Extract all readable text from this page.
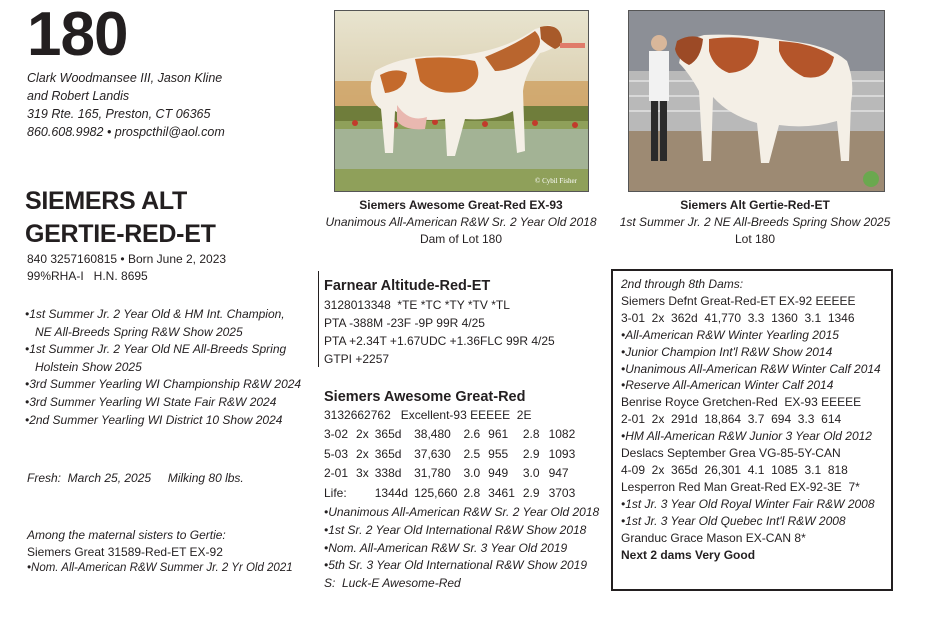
180
Clark Woodmansee III, Jason Kline
and Robert Landis
319 Rte. 165, Preston, CT 06365
860.608.9982 • prospcthil@aol.com
SIEMERS ALT
GERTIE-RED-ET
840 3257160815 • Born June 2, 2023
99%RHA-I   H.N. 8695
•1st Summer Jr. 2 Year Old & HM Int. Champion,
NE All-Breeds Spring R&W Show 2025
•1st Summer Jr. 2 Year Old NE All-Breeds Spring
Holstein Show 2025
•3rd Summer Yearling WI Championship R&W 2024
•3rd Summer Yearling WI State Fair R&W 2024
•2nd Summer Yearling WI District 10 Show 2024
Fresh:  March 25, 2025     Milking 80 lbs.
Among the maternal sisters to Gertie:
Siemers Great 31589-Red-ET EX-92
•Nom. All-American R&W Summer Jr. 2 Yr Old 2021
© Cybil Fisher
Siemers Awesome Great-Red EX-93
Unanimous All-American R&W Sr. 2 Year Old 2018
Dam of Lot 180
Siemers Alt Gertie-Red-ET
1st Summer Jr. 2 NE All-Breeds Spring Show 2025
Lot 180
Farnear Altitude-Red-ET
3128013348  *TE *TC *TY *TV *TL
PTA -388M -23F -9P 99R 4/25
PTA +2.34T +1.67UDC +1.36FLC 99R 4/25
GTPI +2257
Siemers Awesome Great-Red
3132662762   Excellent-93 EEEEE  2E
3-02	2x	365d	38,480	2.6	961	2.8	1082
5-03	2x	365d	37,630	2.5	955	2.9	1093
2-01	3x	338d	31,780	3.0	949	3.0	947
Life:		1344d	125,660	2.8	3461	2.9	3703
•Unanimous All-American R&W Sr. 2 Year Old 2018
•1st Sr. 2 Year Old International R&W Show 2018
•Nom. All-American R&W Sr. 3 Year Old 2019
•5th Sr. 3 Year Old International R&W Show 2019
S:  Luck-E Awesome-Red
2nd through 8th Dams:
Siemers Defnt Great-Red-ET EX-92 EEEEE
3-01  2x  362d  41,770  3.3  1360  3.1  1346
•All-American R&W Winter Yearling 2015
•Junior Champion Int'l R&W Show 2014
•Unanimous All-American R&W Winter Calf 2014
•Reserve All-American Winter Calf 2014
Benrise Royce Gretchen-Red  EX-93 EEEEE
2-01  2x  291d  18,864  3.7  694  3.3  614
•HM All-American R&W Junior 3 Year Old 2012
Deslacs September Grea VG-85-5Y-CAN
4-09  2x  365d  26,301  4.1  1085  3.1  818
Lesperron Red Man Great-Red EX-92-3E  7*
•1st Jr. 3 Year Old Royal Winter Fair R&W 2008
•1st Jr. 3 Year Old Quebec Int'l R&W 2008
Granduc Grace Mason EX-CAN 8*
Next 2 dams Very Good
